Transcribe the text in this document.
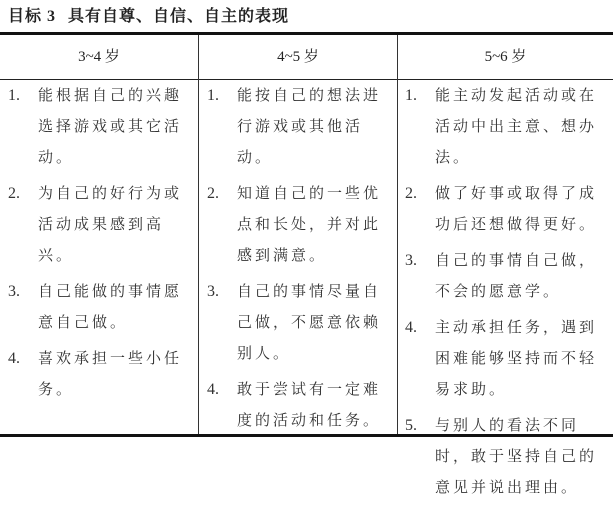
目标 3 具有自尊、自信、自主的表现
3~4 岁	4~5 岁	5~6 岁
1. 能根据自己的兴趣选择游戏或其它活动。
2. 为自己的好行为或活动成果感到高兴。
3. 自己能做的事情愿意自己做。
4. 喜欢承担一些小任务。
1. 能按自己的想法进行游戏或其他活动。
2. 知道自己的一些优点和长处，并对此感到满意。
3. 自己的事情尽量自己做，不愿意依赖别人。
4. 敢于尝试有一定难度的活动和任务。
1. 能主动发起活动或在活动中出主意、想办法。
2. 做了好事或取得了成功后还想做得更好。
3. 自己的事情自己做，不会的愿意学。
4. 主动承担任务，遇到困难能够坚持而不轻易求助。
5. 与别人的看法不同时，敢于坚持自己的意见并说出理由。
